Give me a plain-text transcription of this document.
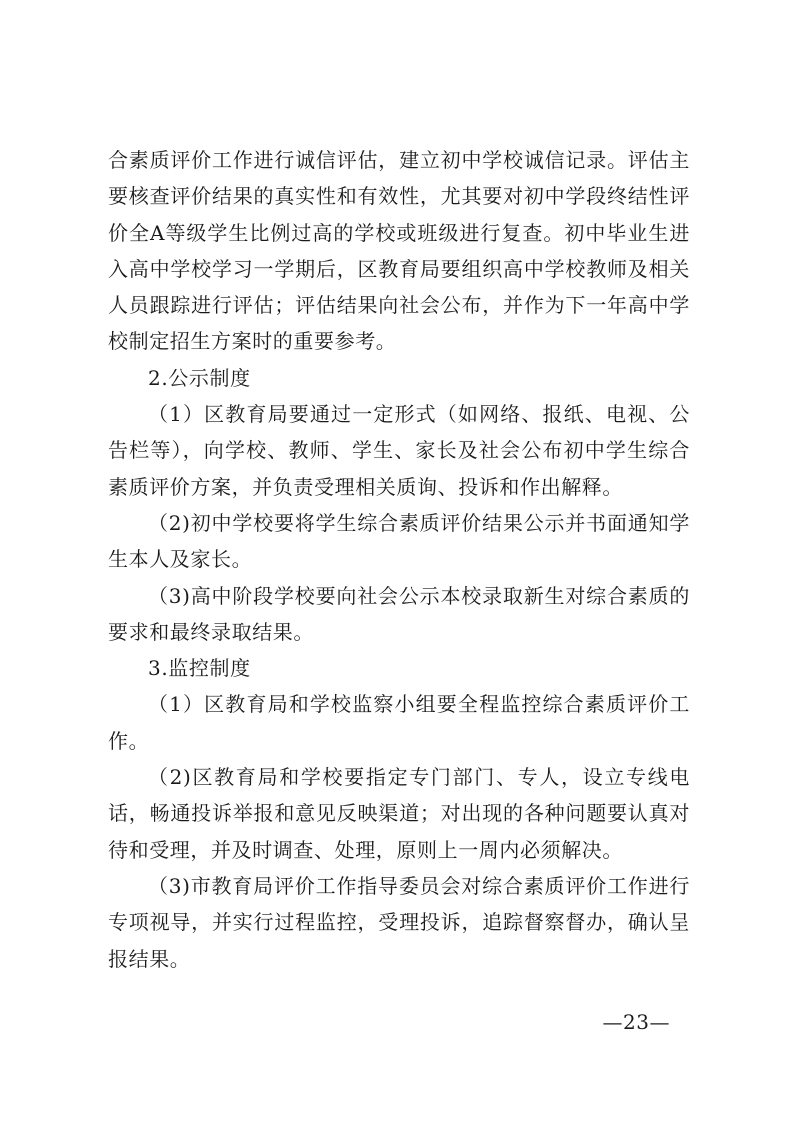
合素质评价工作进行诚信评估，建立初中学校诚信记录。评估主要核查评价结果的真实性和有效性，尤其要对初中学段终结性评价全A等级学生比例过高的学校或班级进行复查。初中毕业生进入高中学校学习一学期后，区教育局要组织高中学校教师及相关人员跟踪进行评估；评估结果向社会公布，并作为下一年高中学校制定招生方案时的重要参考。

2.公示制度

（1）区教育局要通过一定形式（如网络、报纸、电视、公告栏等），向学校、教师、学生、家长及社会公布初中学生综合素质评价方案，并负责受理相关质询、投诉和作出解释。

（2)初中学校要将学生综合素质评价结果公示并书面通知学生本人及家长。

（3)高中阶段学校要向社会公示本校录取新生对综合素质的要求和最终录取结果。

3.监控制度

（1）区教育局和学校监察小组要全程监控综合素质评价工作。

（2)区教育局和学校要指定专门部门、专人，设立专线电话，畅通投诉举报和意见反映渠道；对出现的各种问题要认真对待和受理，并及时调查、处理，原则上一周内必须解决。

（3)市教育局评价工作指导委员会对综合素质评价工作进行专项视导，并实行过程监控，受理投诉，追踪督察督办，确认呈报结果。

—23—
